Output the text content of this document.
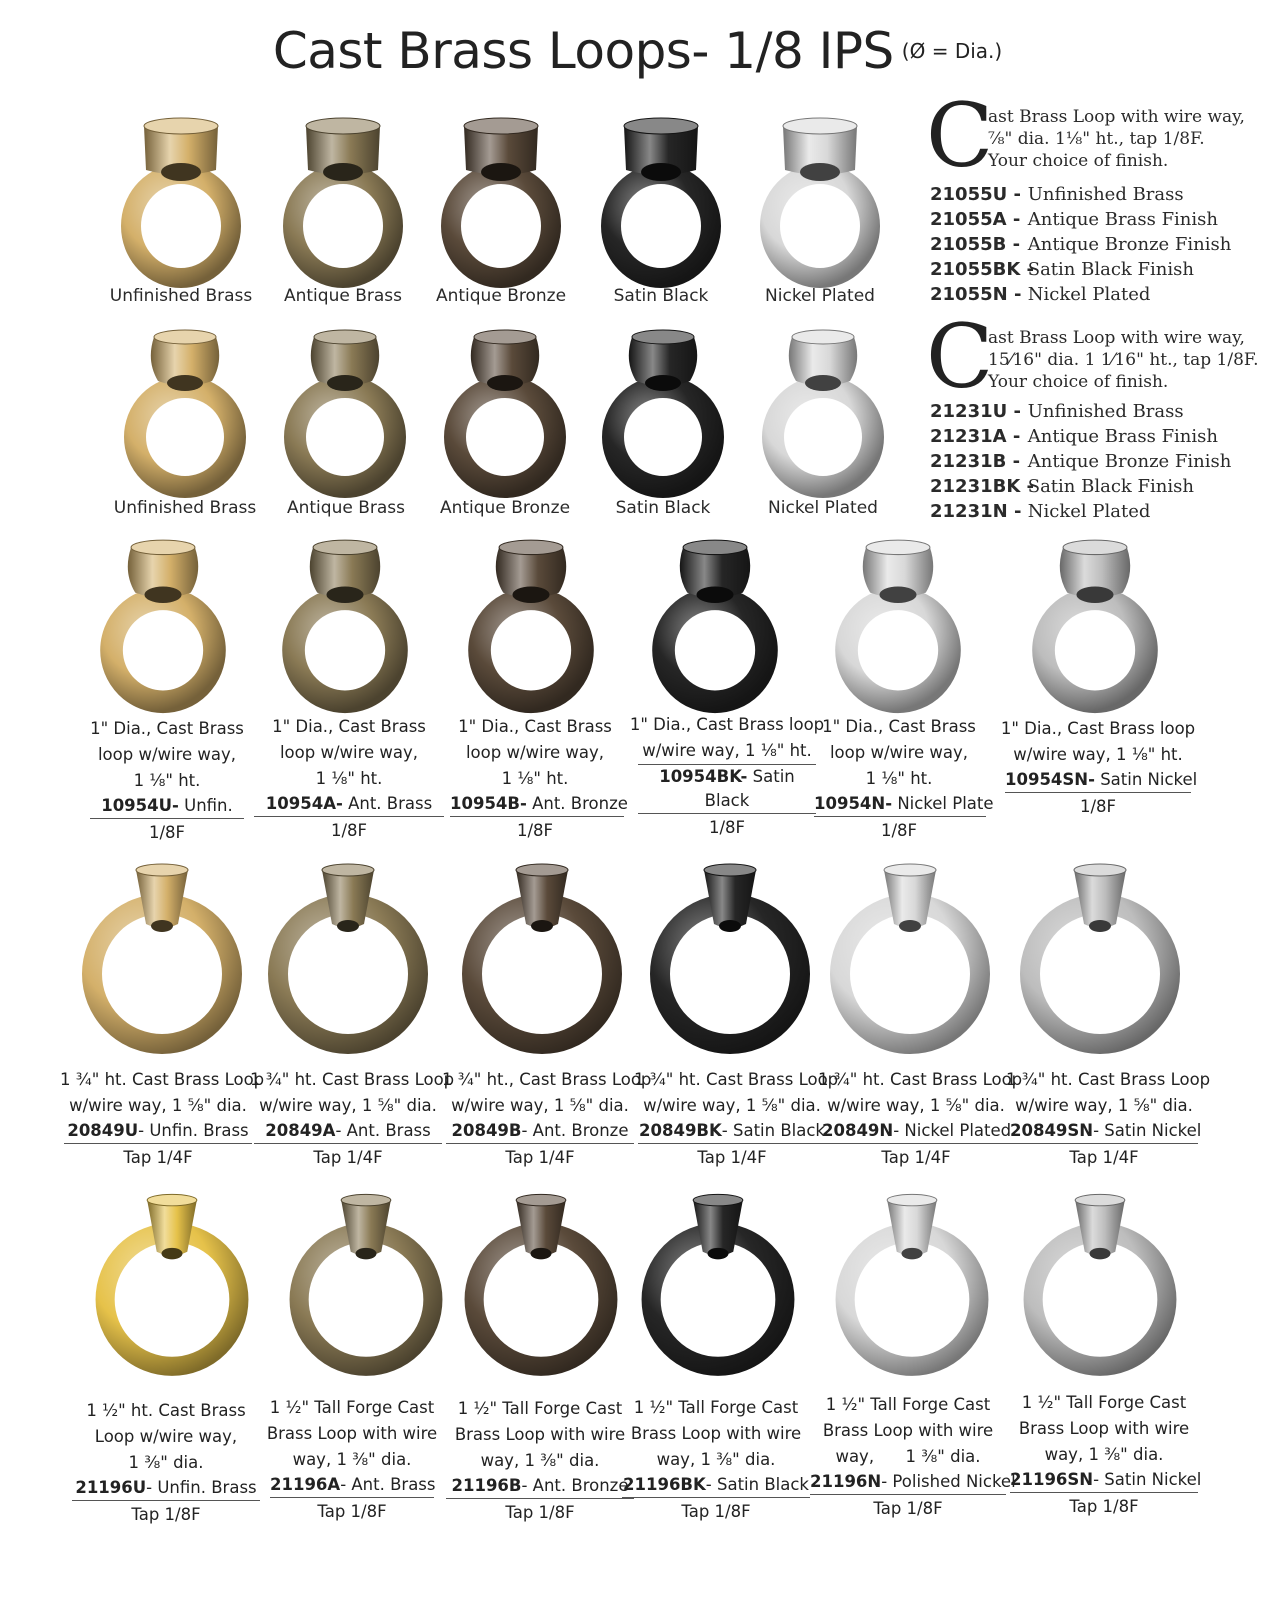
Cast Brass Loops- 1/8 IPS $^{(Ø = Dia.)}$
Unfinished Brass	Antique Brass	Antique Bronze	Satin Black	Nickel Plated
C
ast Brass Loop with wire way,
⅞" dia. 1⅛" ht., tap 1/8F.
Your choice of finish.
21055U - Unfinished Brass
21055A - Antique Brass Finish
21055B - Antique Bronze Finish
21055BK - Satin Black Finish
21055N - Nickel Plated
Unfinished Brass	Antique Brass	Antique Bronze	Satin Black	Nickel Plated
C
ast Brass Loop with wire way,
15⁄16" dia. 1 1⁄16" ht., tap 1/8F.
Your choice of finish.
21231U - Unfinished Brass
21231A - Antique Brass Finish
21231B - Antique Bronze Finish
21231BK - Satin Black Finish
21231N - Nickel Plated
1" Dia., Cast Brass
loop w/wire way,
1 ⅛" ht.
10954U- Unfin.
1/8F
1" Dia., Cast Brass
loop w/wire way,
1 ⅛" ht.
10954A- Ant. Brass
1/8F
1" Dia., Cast Brass
loop w/wire way,
1 ⅛" ht.
10954B- Ant. Bronze
1/8F
1" Dia., Cast Brass loop
w/wire way, 1 ⅛" ht.
10954BK- Satin Black
1/8F
1" Dia., Cast Brass
loop w/wire way,
1 ⅛" ht.
10954N- Nickel Plate
1/8F
1" Dia., Cast Brass loop
w/wire way, 1 ⅛" ht.
10954SN- Satin Nickel
1/8F
1 ¾" ht. Cast Brass Loop
w/wire way, 1 ⅝" dia.
20849U- Unfin. Brass
Tap 1/4F
1 ¾" ht. Cast Brass Loop
w/wire way, 1 ⅝" dia.
20849A- Ant. Brass
Tap 1/4F
1 ¾" ht., Cast Brass Loop
w/wire way, 1 ⅝" dia.
20849B- Ant. Bronze
Tap 1/4F
1 ¾" ht. Cast Brass Loop
w/wire way, 1 ⅝" dia.
20849BK- Satin Black
Tap 1/4F
1 ¾" ht. Cast Brass Loop
w/wire way, 1 ⅝" dia.
20849N- Nickel Plated
Tap 1/4F
1 ¾" ht. Cast Brass Loop
w/wire way, 1 ⅝" dia.
20849SN- Satin Nickel
Tap 1/4F
1 ½" ht. Cast Brass
Loop w/wire way,
1 ⅜" dia.
21196U- Unfin. Brass
Tap 1/8F
1 ½" Tall Forge Cast
Brass Loop with wire
way, 1 ⅜" dia.
21196A- Ant. Brass
Tap 1/8F
1 ½" Tall Forge Cast
Brass Loop with wire
way, 1 ⅜" dia.
21196B- Ant. Bronze
Tap 1/8F
1 ½" Tall Forge Cast
Brass Loop with wire
way, 1 ⅜" dia.
21196BK- Satin Black
Tap 1/8F
1 ½" Tall Forge Cast
Brass Loop with wire
way,      1 ⅜" dia.
21196N- Polished Nickel
Tap 1/8F
1 ½" Tall Forge Cast
Brass Loop with wire
way, 1 ⅜" dia.
21196SN- Satin Nickel
Tap 1/8F
